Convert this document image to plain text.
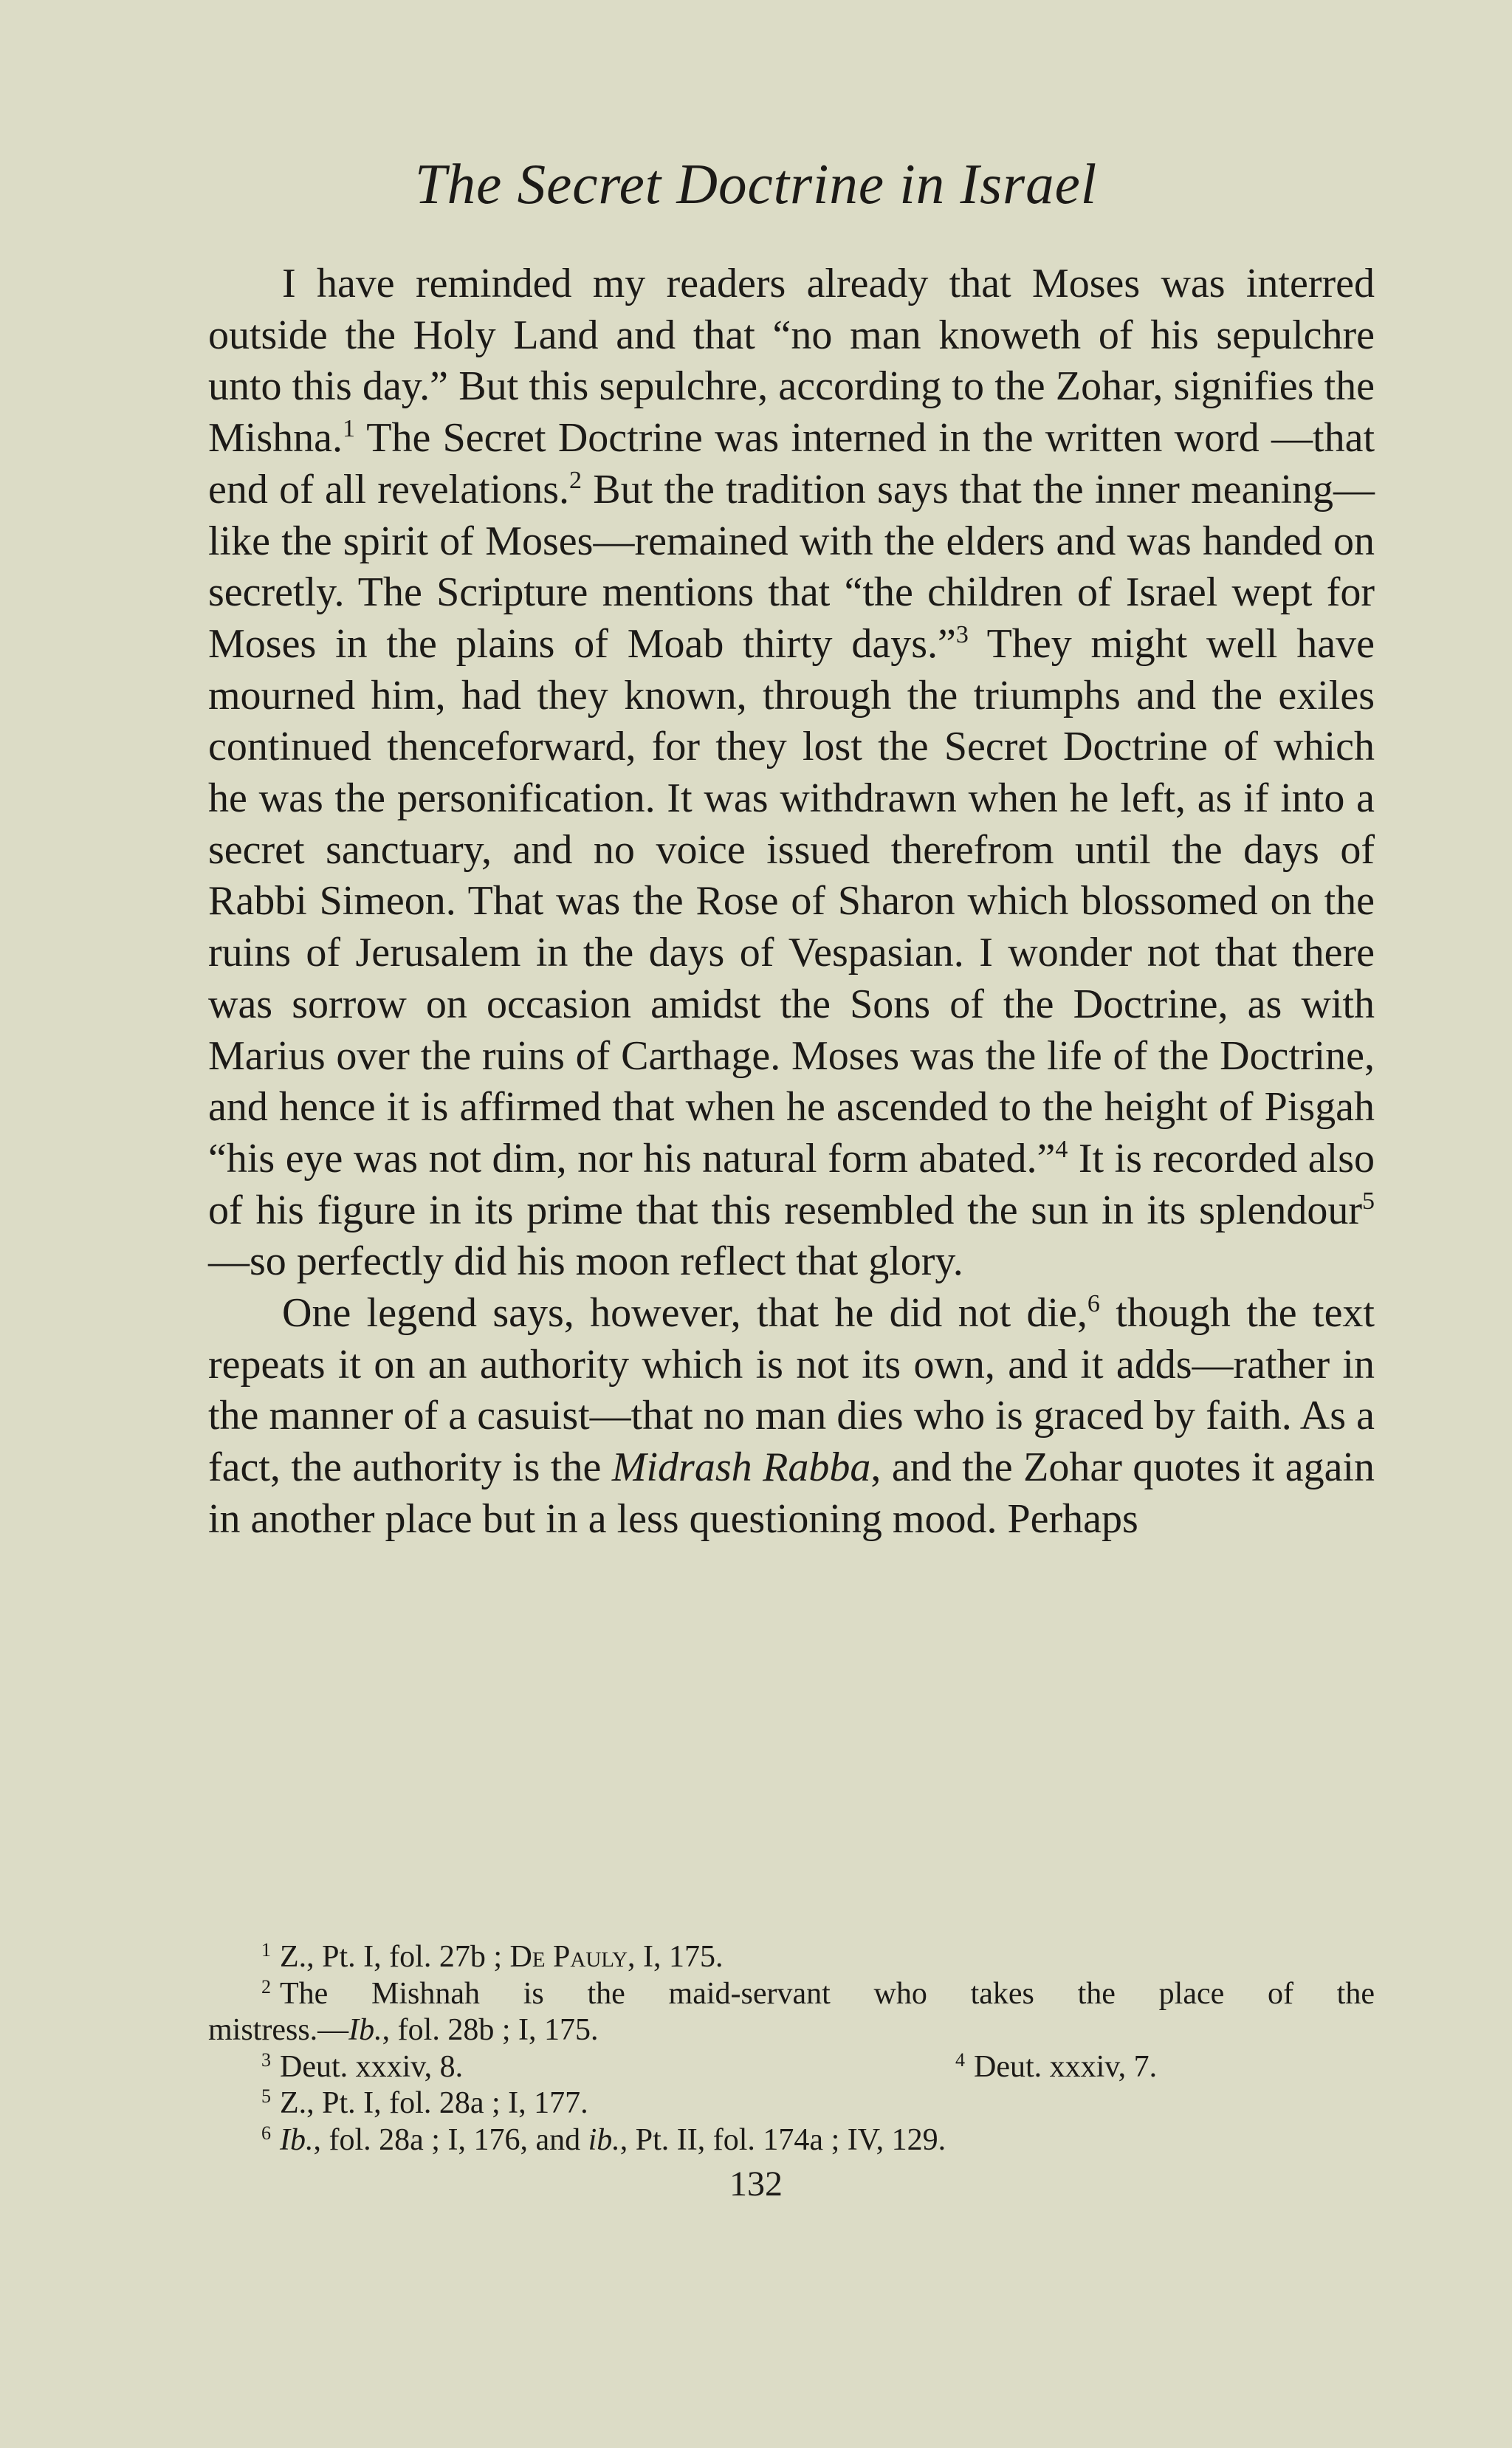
The Secret Doctrine in Israel

I have reminded my readers already that Moses was interred outside the Holy Land and that “no man knoweth of his sepulchre unto this day.” But this sepulchre, according to the Zohar, signifies the Mishna.$^1$ The Secret Doctrine was interned in the written word —that end of all revelations.$^2$ But the tradition says that the inner meaning—like the spirit of Moses—remained with the elders and was handed on secretly. The Scripture mentions that “the children of Israel wept for Moses in the plains of Moab thirty days.”$^3$ They might well have mourned him, had they known, through the triumphs and the exiles continued thenceforward, for they lost the Secret Doctrine of which he was the personification. It was withdrawn when he left, as if into a secret sanctuary, and no voice issued therefrom until the days of Rabbi Simeon. That was the Rose of Sharon which blossomed on the ruins of Jerusalem in the days of Vespasian. I wonder not that there was sorrow on occasion amidst the Sons of the Doctrine, as with Marius over the ruins of Carthage. Moses was the life of the Doctrine, and hence it is affirmed that when he ascended to the height of Pisgah “his eye was not dim, nor his natural form abated.”$^4$ It is recorded also of his figure in its prime that this resembled the sun in its splendour$^5$—so perfectly did his moon reflect that glory.

One legend says, however, that he did not die,$^6$ though the text repeats it on an authority which is not its own, and it adds—rather in the manner of a casuist—that no man dies who is graced by faith. As a fact, the authority is the Midrash Rabba, and the Zohar quotes it again in another place but in a less questioning mood. Perhaps

$^1$ Z., Pt. I, fol. 27b ; De Pauly, I, 175.

$^2$ The Mishnah is the maid-servant who takes the place of the

mistress.—Ib., fol. 28b ; I, 175.

$^3$ Deut. xxxiv, 8.	$^4$ Deut. xxxiv, 7.

$^5$ Z., Pt. I, fol. 28a ; I, 177.

$^6$ Ib., fol. 28a ; I, 176, and ib., Pt. II, fol. 174a ; IV, 129.

132
